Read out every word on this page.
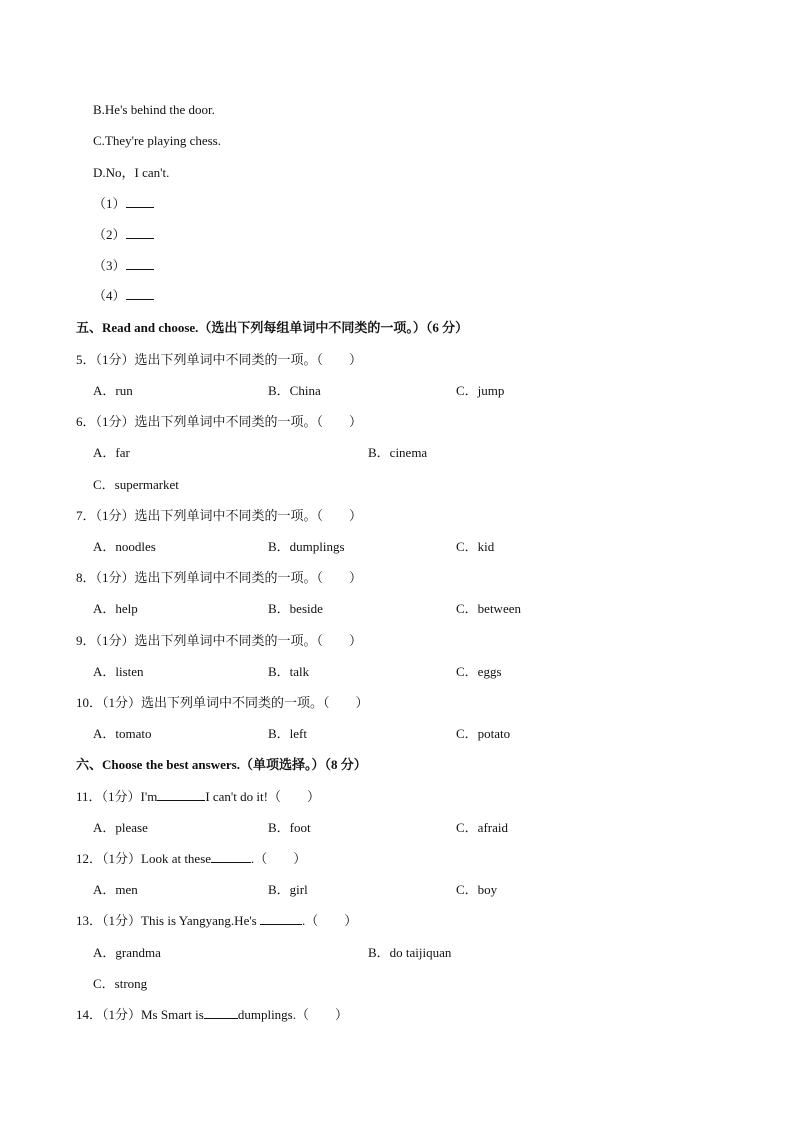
B.He's behind the door.
C.They're playing chess.
D.No，I can't.
（1）
（2）
（3）
（4）
五、Read and choose.（选出下列每组单词中不同类的一项。）（6 分）
5．（1分）选出下列单词中不同类的一项。（　　）
A．run	B．China	C．jump
6．（1分）选出下列单词中不同类的一项。（　　）
A．far	B．cinema
C．supermarket
7．（1分）选出下列单词中不同类的一项。（　　）
A．noodles	B．dumplings	C．kid
8．（1分）选出下列单词中不同类的一项。（　　）
A．help	B．beside	C．between
9．（1分）选出下列单词中不同类的一项。（　　）
A．listen	B．talk	C．eggs
10．（1分）选出下列单词中不同类的一项。（　　）
A．tomato	B．left	C．potato
六、Choose the best answers.（单项选择。）（8 分）
11．（1分）I'm	I can't do it!（　　）
A．please	B．foot	C．afraid
12．（1分）Look at these	.（　　）
A．men	B．girl	C．boy
13．（1分）This is Yangyang.He's	.（　　）
A．grandma	B．do taijiquan
C．strong
14．（1分）Ms Smart is	dumplings.（　　）
